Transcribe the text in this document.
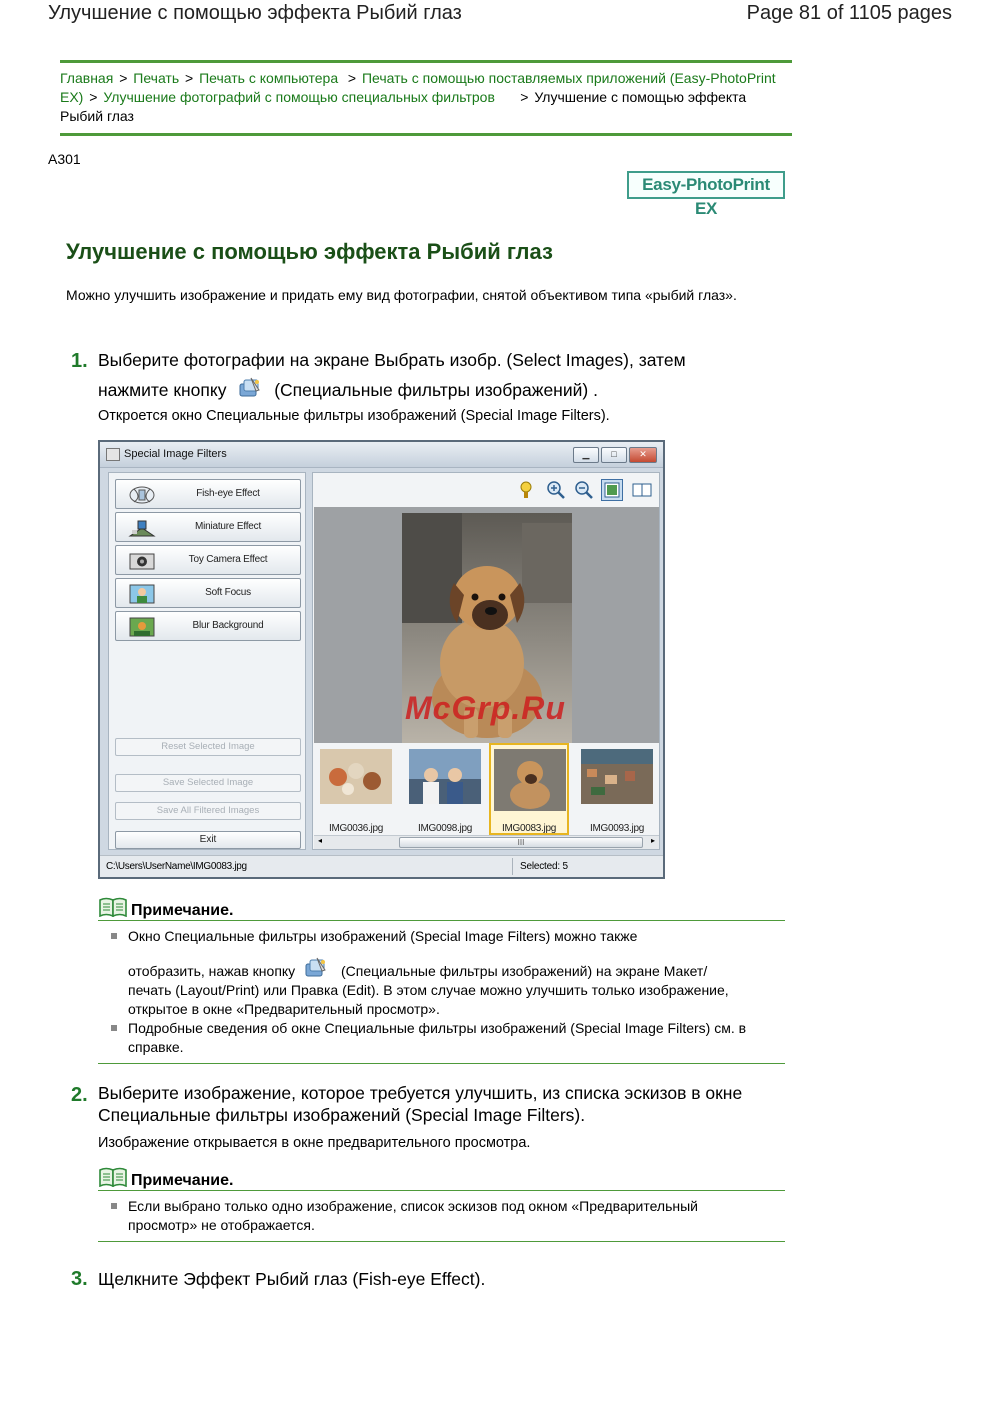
Улучшение с помощью эффекта Рыбий глаз	Page 81 of 1105 pages
Главная > Печать > Печать с компьютера > Печать с помощью поставляемых приложений (Easy-PhotoPrint EX) > Улучшение фотографий с помощью специальных фильтров > Улучшение с помощью эффекта Рыбий глаз
A301
Easy-PhotoPrint EX
Улучшение с помощью эффекта Рыбий глаз
Можно улучшить изображение и придать ему вид фотографии, снятой объективом типа «рыбий глаз».
1. Выберите фотографии на экране Выбрать изобр. (Select Images), затем
нажмите кнопку	(Специальные фильтры изображений) .
Откроется окно Специальные фильтры изображений (Special Image Filters).
Special Image Filters	▁	□	✕
Fish-eye Effect
Miniature Effect
Toy Camera Effect
Soft Focus
Blur Background
Reset Selected Image
Save Selected Image
Save All Filtered Images
Exit
IMG0036.jpg	IMG0098.jpg	IMG0083.jpg	IMG0093.jpg
◂	III	▸
C:\Users\UserName\IMG0083.jpg	Selected: 5
McGrp.Ru
Примечание.
Окно Специальные фильтры изображений (Special Image Filters) можно также
отобразить, нажав кнопку	(Специальные фильтры изображений) на экране Макет/
печать (Layout/Print) или Правка (Edit). В этом случае можно улучшить только изображение, открытое в окне «Предварительный просмотр».
Подробные сведения об окне Специальные фильтры изображений (Special Image Filters) см. в справке.
2. Выберите изображение, которое требуется улучшить, из списка эскизов в окне
Специальные фильтры изображений (Special Image Filters).
Изображение открывается в окне предварительного просмотра.
Примечание.
Если выбрано только одно изображение, список эскизов под окном «Предварительный просмотр» не отображается.
3. Щелкните Эффект Рыбий глаз (Fish-eye Effect).
